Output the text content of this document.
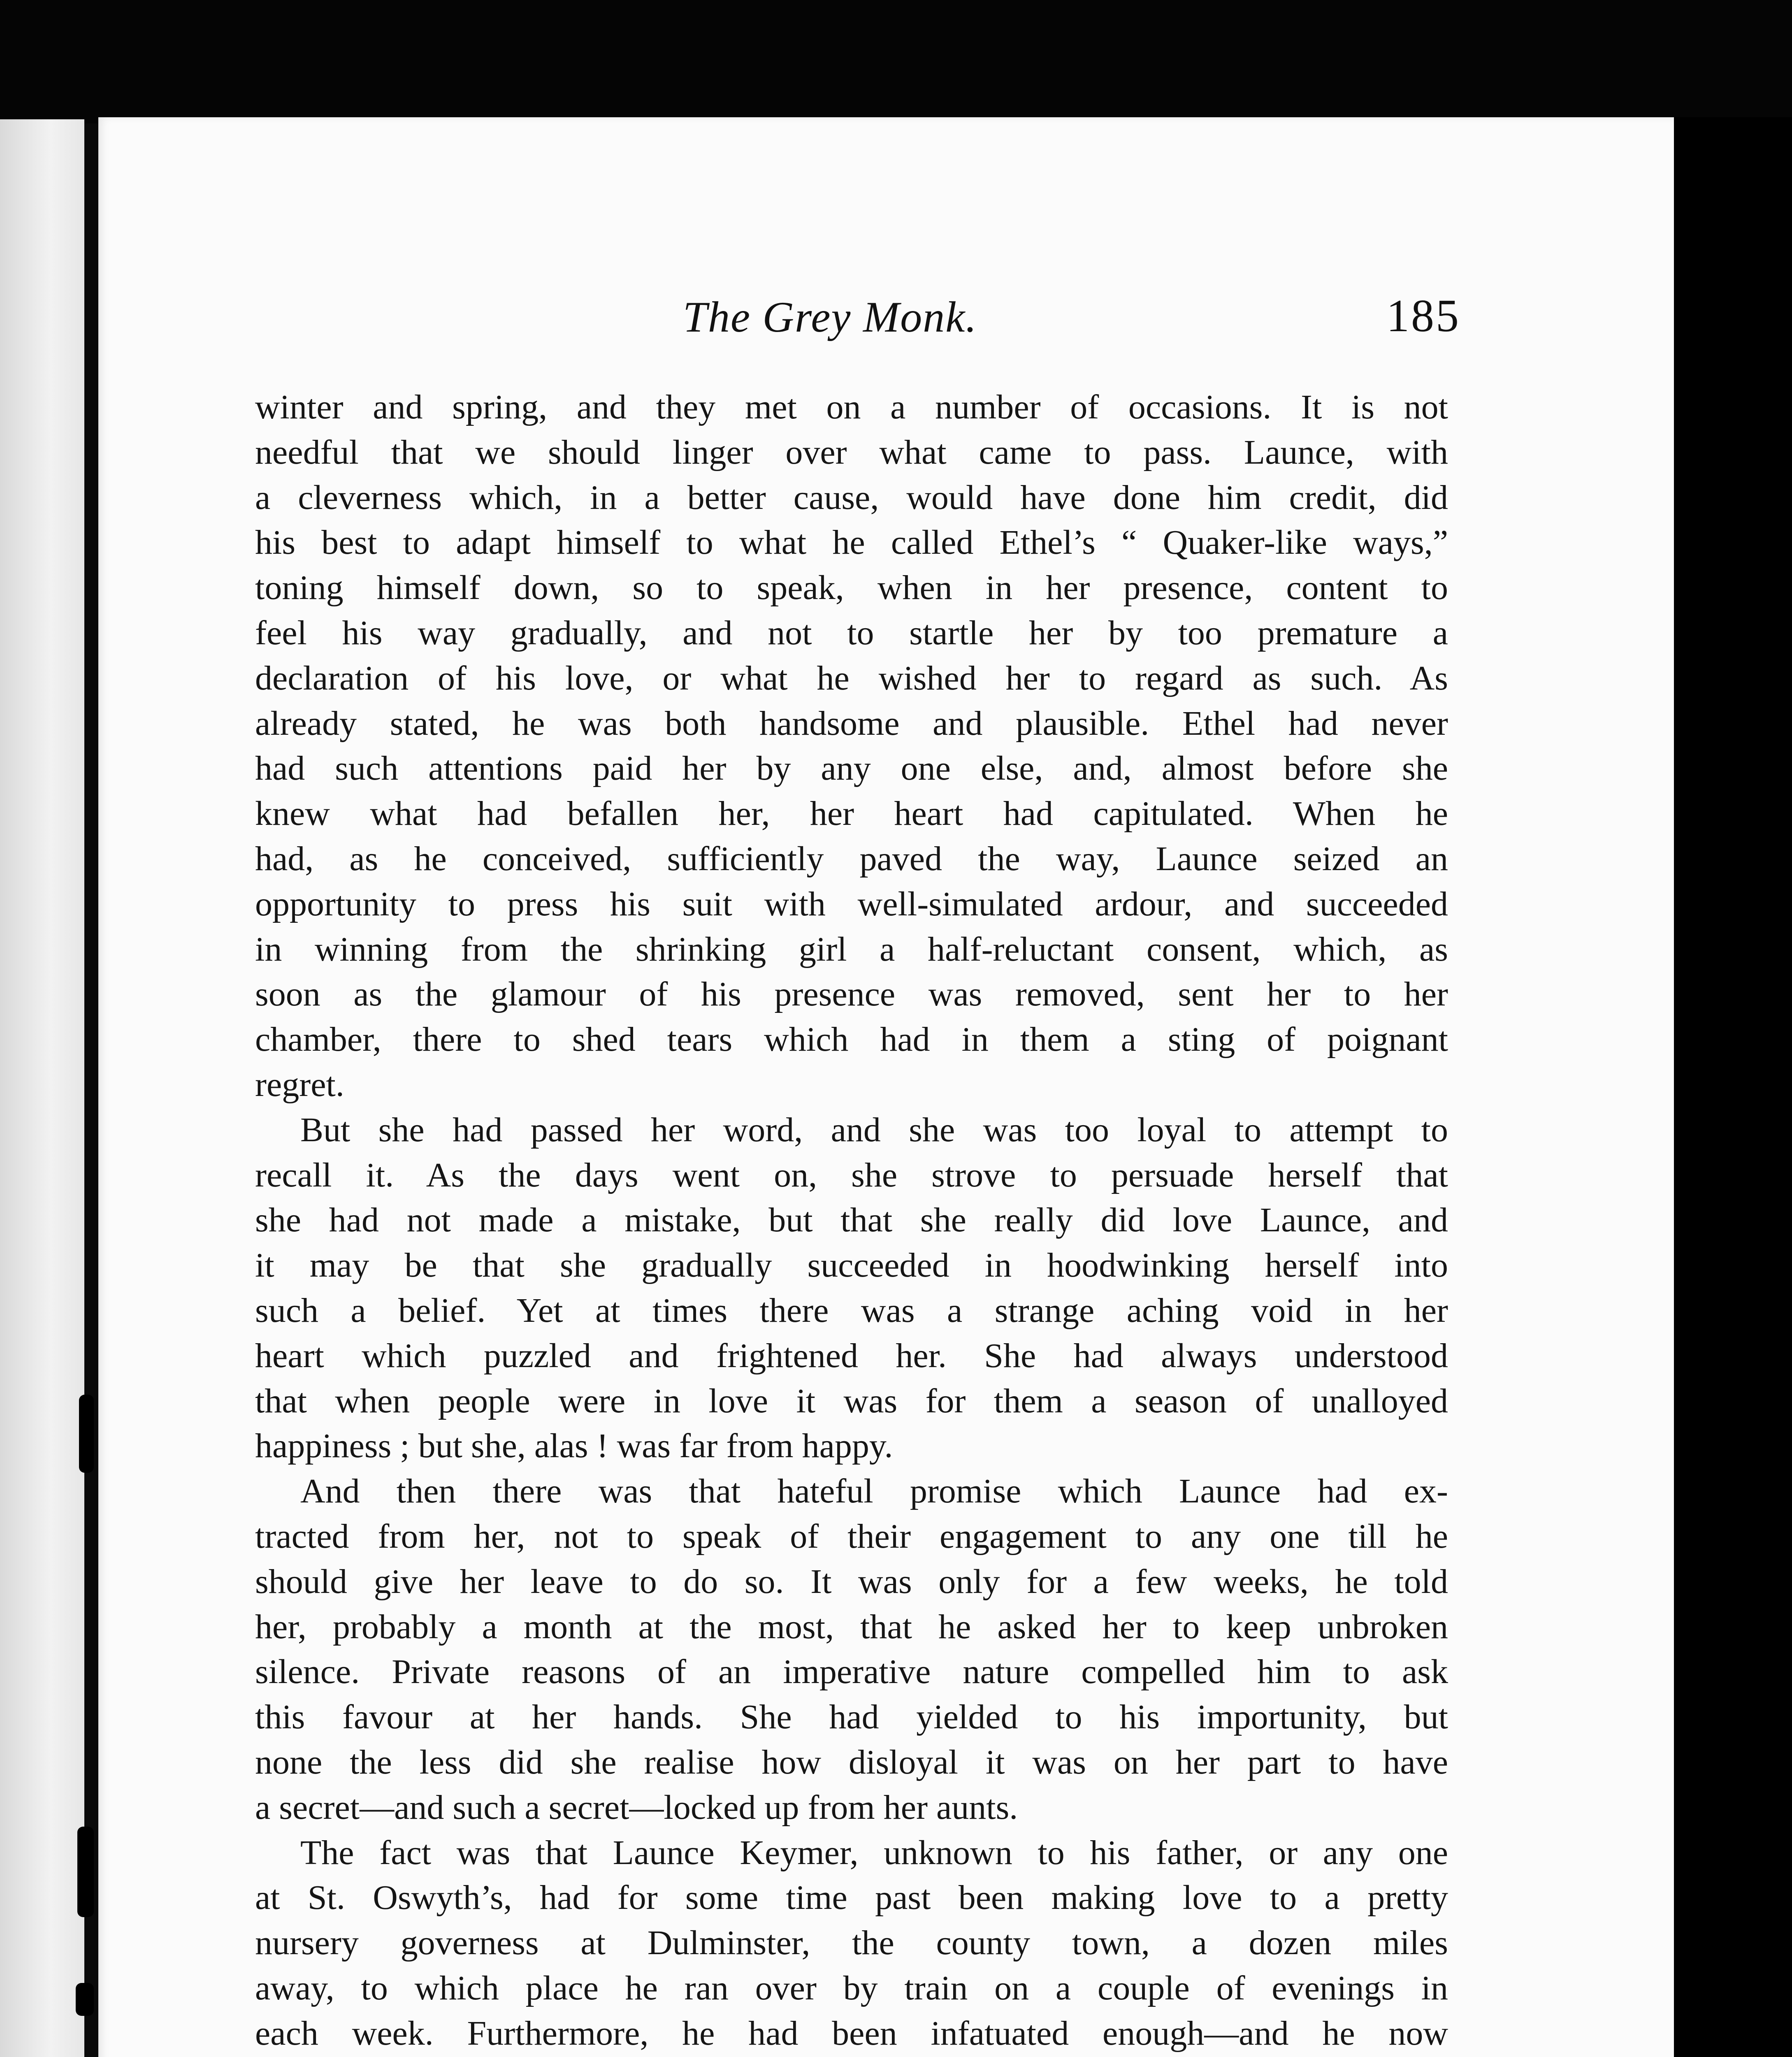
The Grey Monk.	185
winter and spring, and they met on a number of occasions. It is not
needful that we should linger over what came to pass. Launce, with
a cleverness which, in a better cause, would have done him credit, did
his best to adapt himself to what he called Ethel’s “ Quaker-like ways,”
toning himself down, so to speak, when in her presence, content to
feel his way gradually, and not to startle her by too premature a
declaration of his love, or what he wished her to regard as such. As
already stated, he was both handsome and plausible. Ethel had never
had such attentions paid her by any one else, and, almost before she
knew what had befallen her, her heart had capitulated. When he
had, as he conceived, sufficiently paved the way, Launce seized an
opportunity to press his suit with well-simulated ardour, and succeeded
in winning from the shrinking girl a half-reluctant consent, which, as
soon as the glamour of his presence was removed, sent her to her
chamber, there to shed tears which had in them a sting of poignant
regret.
But she had passed her word, and she was too loyal to attempt to
recall it. As the days went on, she strove to persuade herself that
she had not made a mistake, but that she really did love Launce, and
it may be that she gradually succeeded in hoodwinking herself into
such a belief. Yet at times there was a strange aching void in her
heart which puzzled and frightened her. She had always understood
that when people were in love it was for them a season of unalloyed
happiness ; but she, alas ! was far from happy.
And then there was that hateful promise which Launce had ex-
tracted from her, not to speak of their engagement to any one till he
should give her leave to do so. It was only for a few weeks, he told
her, probably a month at the most, that he asked her to keep unbroken
silence. Private reasons of an imperative nature compelled him to ask
this favour at her hands. She had yielded to his importunity, but
none the less did she realise how disloyal it was on her part to have
a secret—and such a secret—locked up from her aunts.
The fact was that Launce Keymer, unknown to his father, or any one
at St. Oswyth’s, had for some time past been making love to a pretty
nursery governess at Dulminster, the county town, a dozen miles
away, to which place he ran over by train on a couple of evenings in
each week. Furthermore, he had been infatuated enough—and he now
